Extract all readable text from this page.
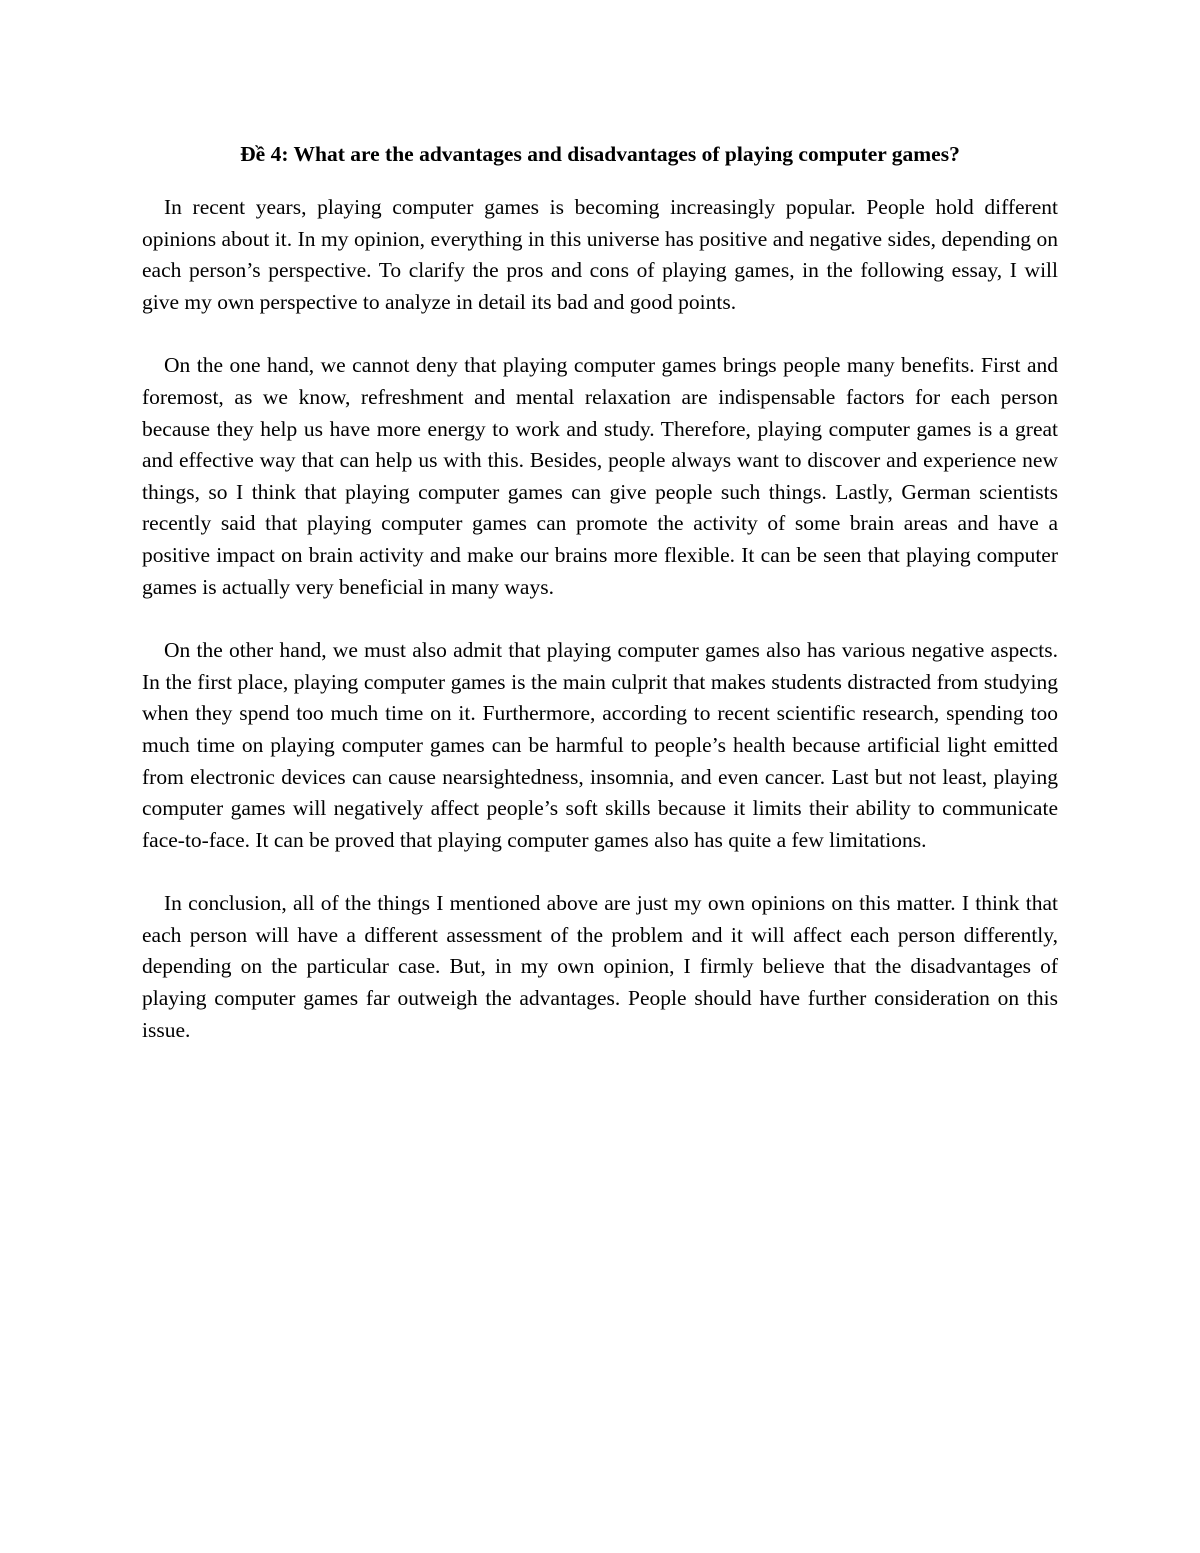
Đề 4: What are the advantages and disadvantages of playing computer games?

In recent years, playing computer games is becoming increasingly popular. People hold different opinions about it. In my opinion, everything in this universe has positive and negative sides, depending on each person’s perspective. To clarify the pros and cons of playing games, in the following essay, I will give my own perspective to analyze in detail its bad and good points.

On the one hand, we cannot deny that playing computer games brings people many benefits. First and foremost, as we know, refreshment and mental relaxation are indispensable factors for each person because they help us have more energy to work and study. Therefore, playing computer games is a great and effective way that can help us with this. Besides, people always want to discover and experience new things, so I think that playing computer games can give people such things. Lastly, German scientists recently said that playing computer games can promote the activity of some brain areas and have a positive impact on brain activity and make our brains more flexible. It can be seen that playing computer games is actually very beneficial in many ways.

On the other hand, we must also admit that playing computer games also has various negative aspects. In the first place, playing computer games is the main culprit that makes students distracted from studying when they spend too much time on it. Furthermore, according to recent scientific research, spending too much time on playing computer games can be harmful to people’s health because artificial light emitted from electronic devices can cause nearsightedness, insomnia, and even cancer. Last but not least, playing computer games will negatively affect people’s soft skills because it limits their ability to communicate face-to-face. It can be proved that playing computer games also has quite a few limitations.

In conclusion, all of the things I mentioned above are just my own opinions on this matter. I think that each person will have a different assessment of the problem and it will affect each person differently, depending on the particular case. But, in my own opinion, I firmly believe that the disadvantages of playing computer games far outweigh the advantages. People should have further consideration on this issue.
